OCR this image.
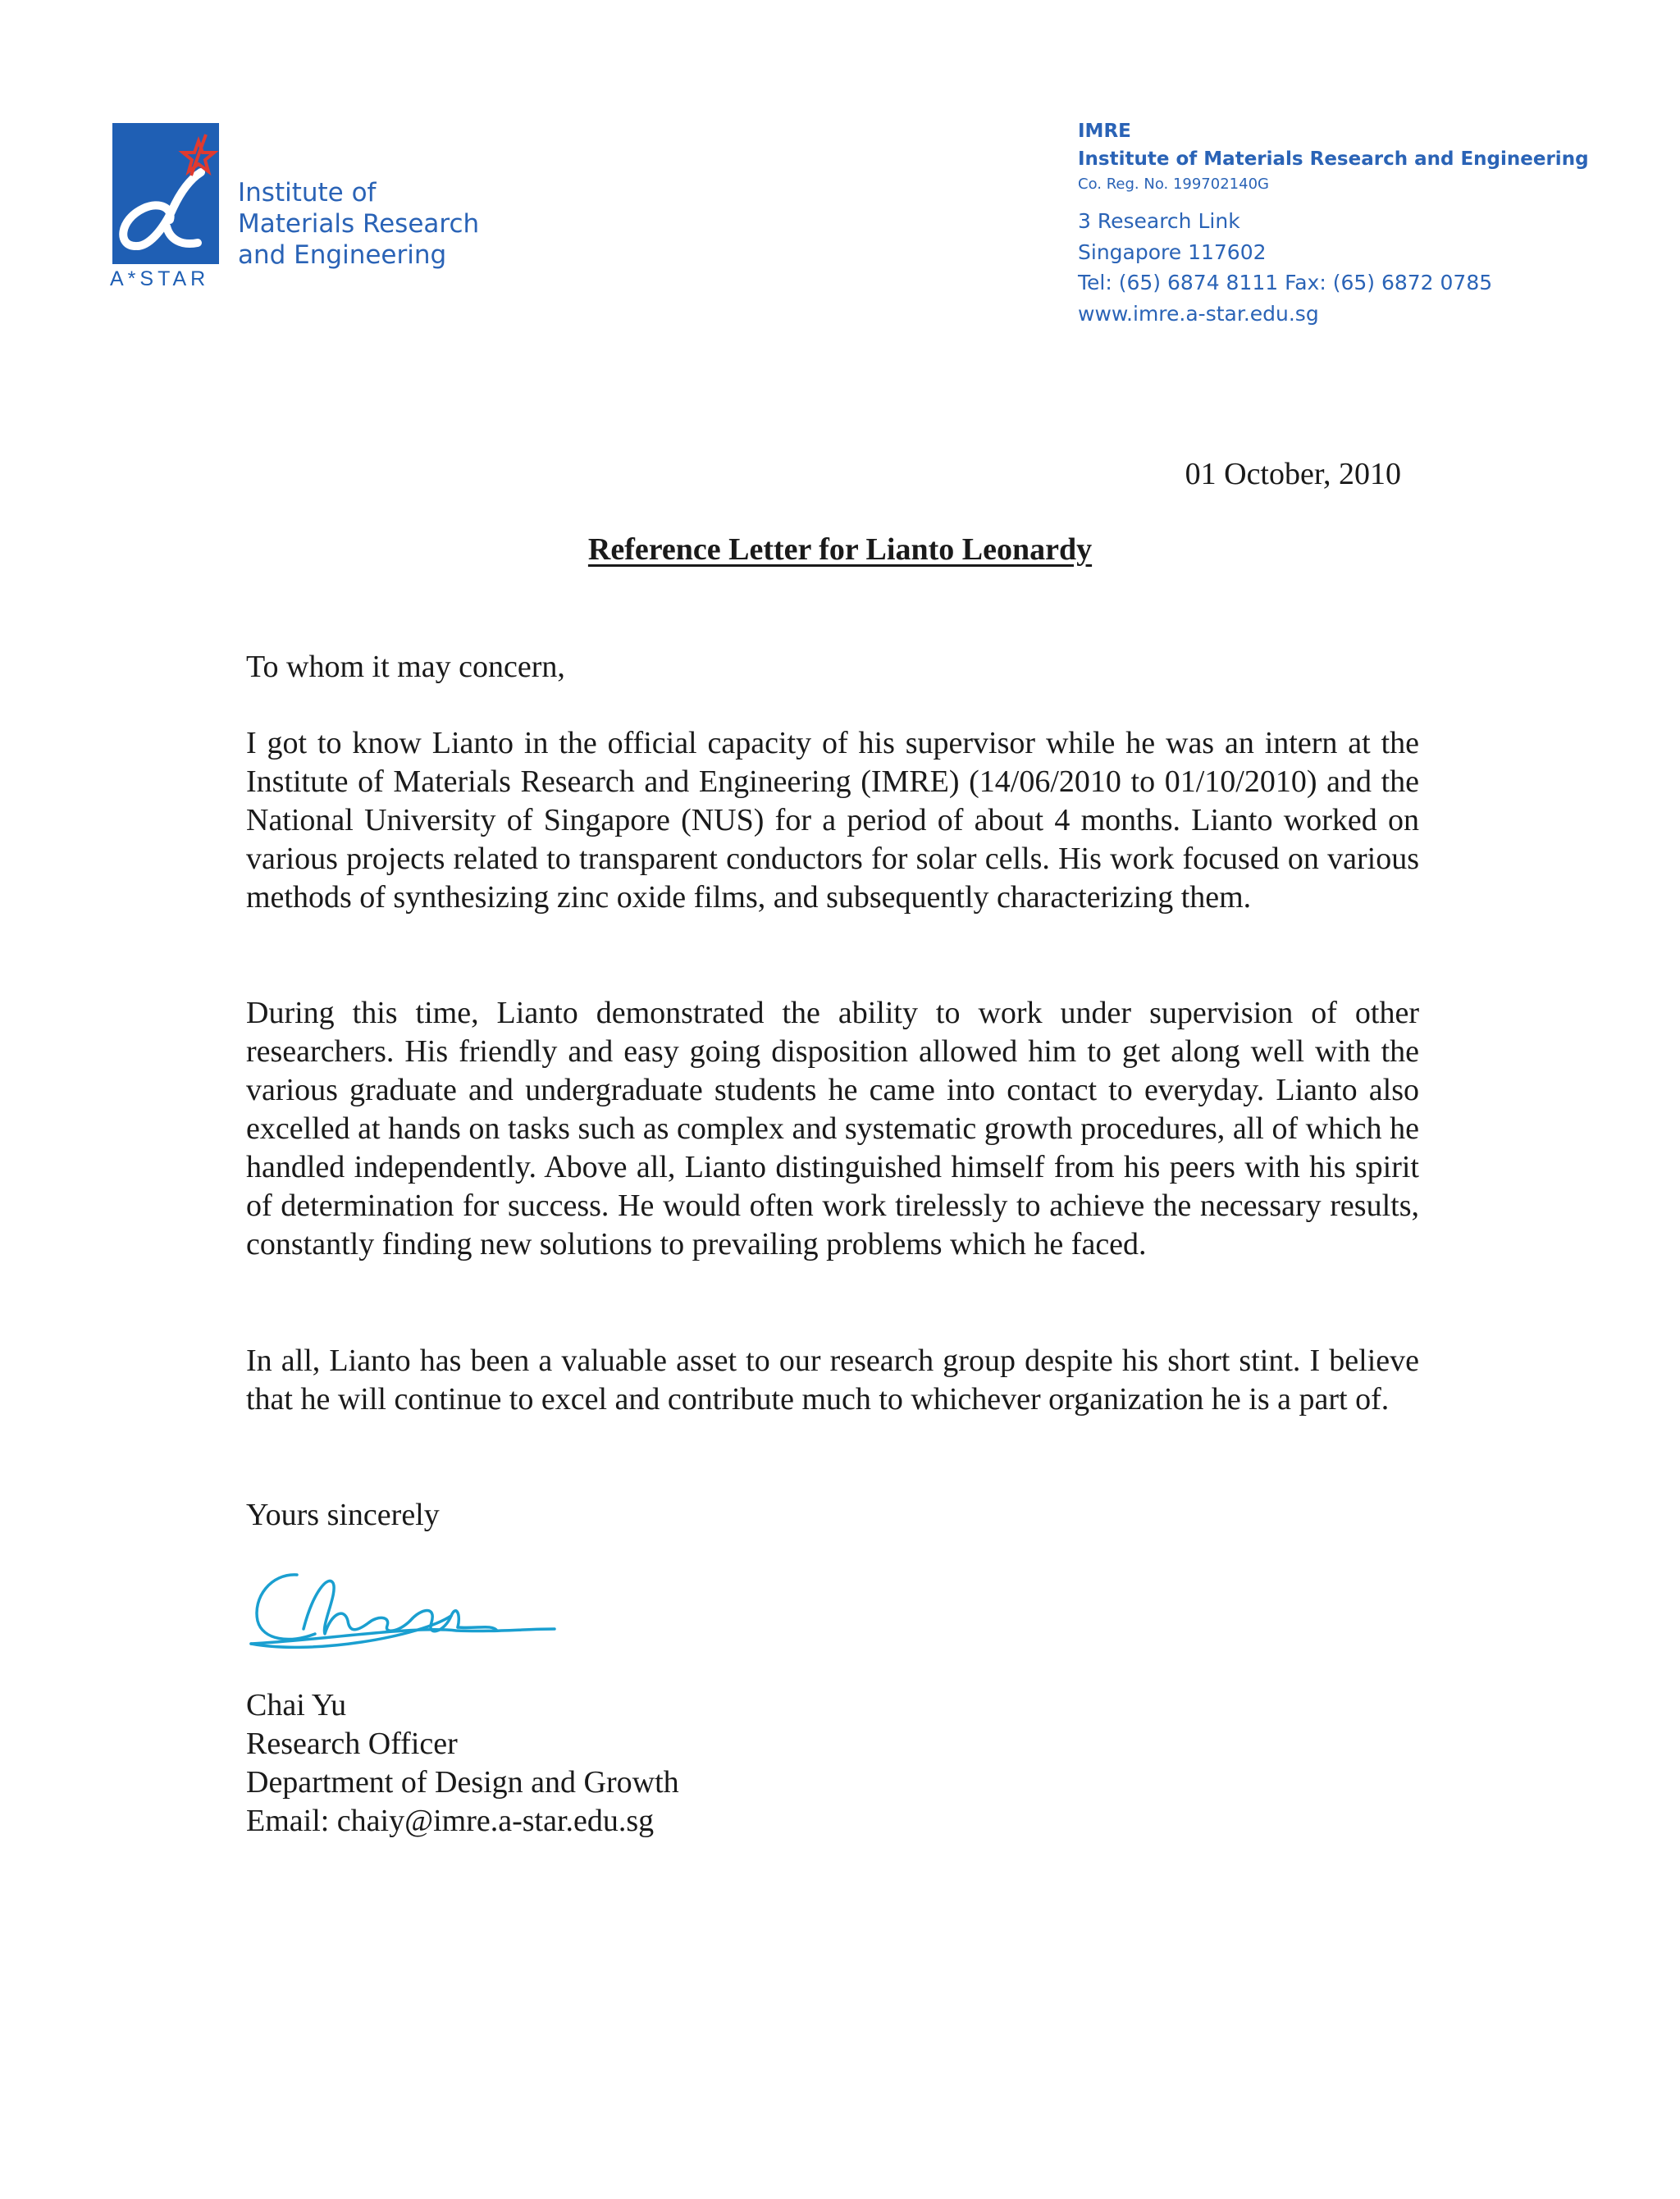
A*STAR
Institute of
Materials Research
and Engineering
IMRE
Institute of Materials Research and Engineering
Co. Reg. No. 199702140G
3 Research Link
Singapore 117602
Tel: (65) 6874 8111 Fax: (65) 6872 0785
www.imre.a-star.edu.sg
01 October, 2010
Reference Letter for Lianto Leonardy
To whom it may concern,
I got to know Lianto in the official capacity of his supervisor while he was an intern at the Institute of Materials Research and Engineering (IMRE) (14/06/2010 to 01/10/2010) and the National University of Singapore (NUS) for a period of about 4 months. Lianto worked on various projects related to transparent conductors for solar cells. His work focused on various methods of synthesizing zinc oxide films, and subsequently characterizing them.
During this time, Lianto demonstrated the ability to work under supervision of other researchers. His friendly and easy going disposition allowed him to get along well with the various graduate and undergraduate students he came into contact to everyday. Lianto also excelled at hands on tasks such as complex and systematic growth procedures, all of which he handled independently. Above all, Lianto distinguished himself from his peers with his spirit of determination for success. He would often work tirelessly to achieve the necessary results, constantly finding new solutions to prevailing problems which he faced.
In all, Lianto has been a valuable asset to our research group despite his short stint. I believe that he will continue to excel and contribute much to whichever organization he is a part of.
Yours sincerely
Chai Yu
Research Officer
Department of Design and Growth
Email: chaiy@imre.a-star.edu.sg
